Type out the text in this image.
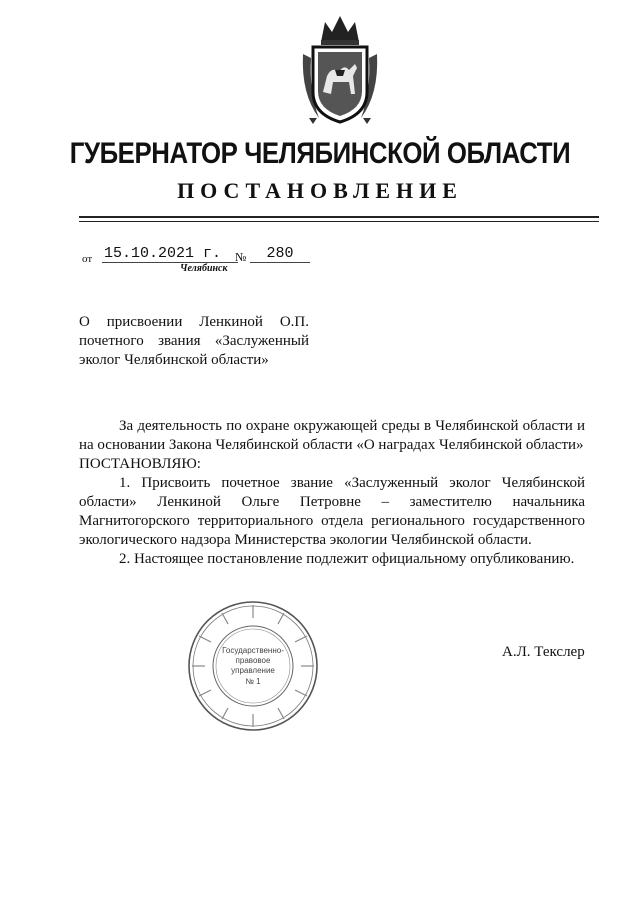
ГУБЕРНАТОР ЧЕЛЯБИНСКОЙ ОБЛАСТИ
ПОСТАНОВЛЕНИЕ
от 15.10.2021 г.	№	280
Челябинск
О присвоении Ленкиной О.П.
почетного звания «Заслуженный
эколог Челябинской области»

За деятельность по охране окружающей среды в Челябинской области и на основании Закона Челябинской области «О наградах Челябинской области»

ПОСТАНОВЛЯЮ:

1. Присвоить почетное звание «Заслуженный эколог Челябинской области» Ленкиной Ольге Петровне – заместителю начальника Магнитогорского территориального отдела регионального государственного экологического надзора Министерства экологии Челябинской области.

2. Настоящее постановление подлежит официальному опубликованию.

Государственно-
правовое
управление
№ 1
А.Л. Текслер
